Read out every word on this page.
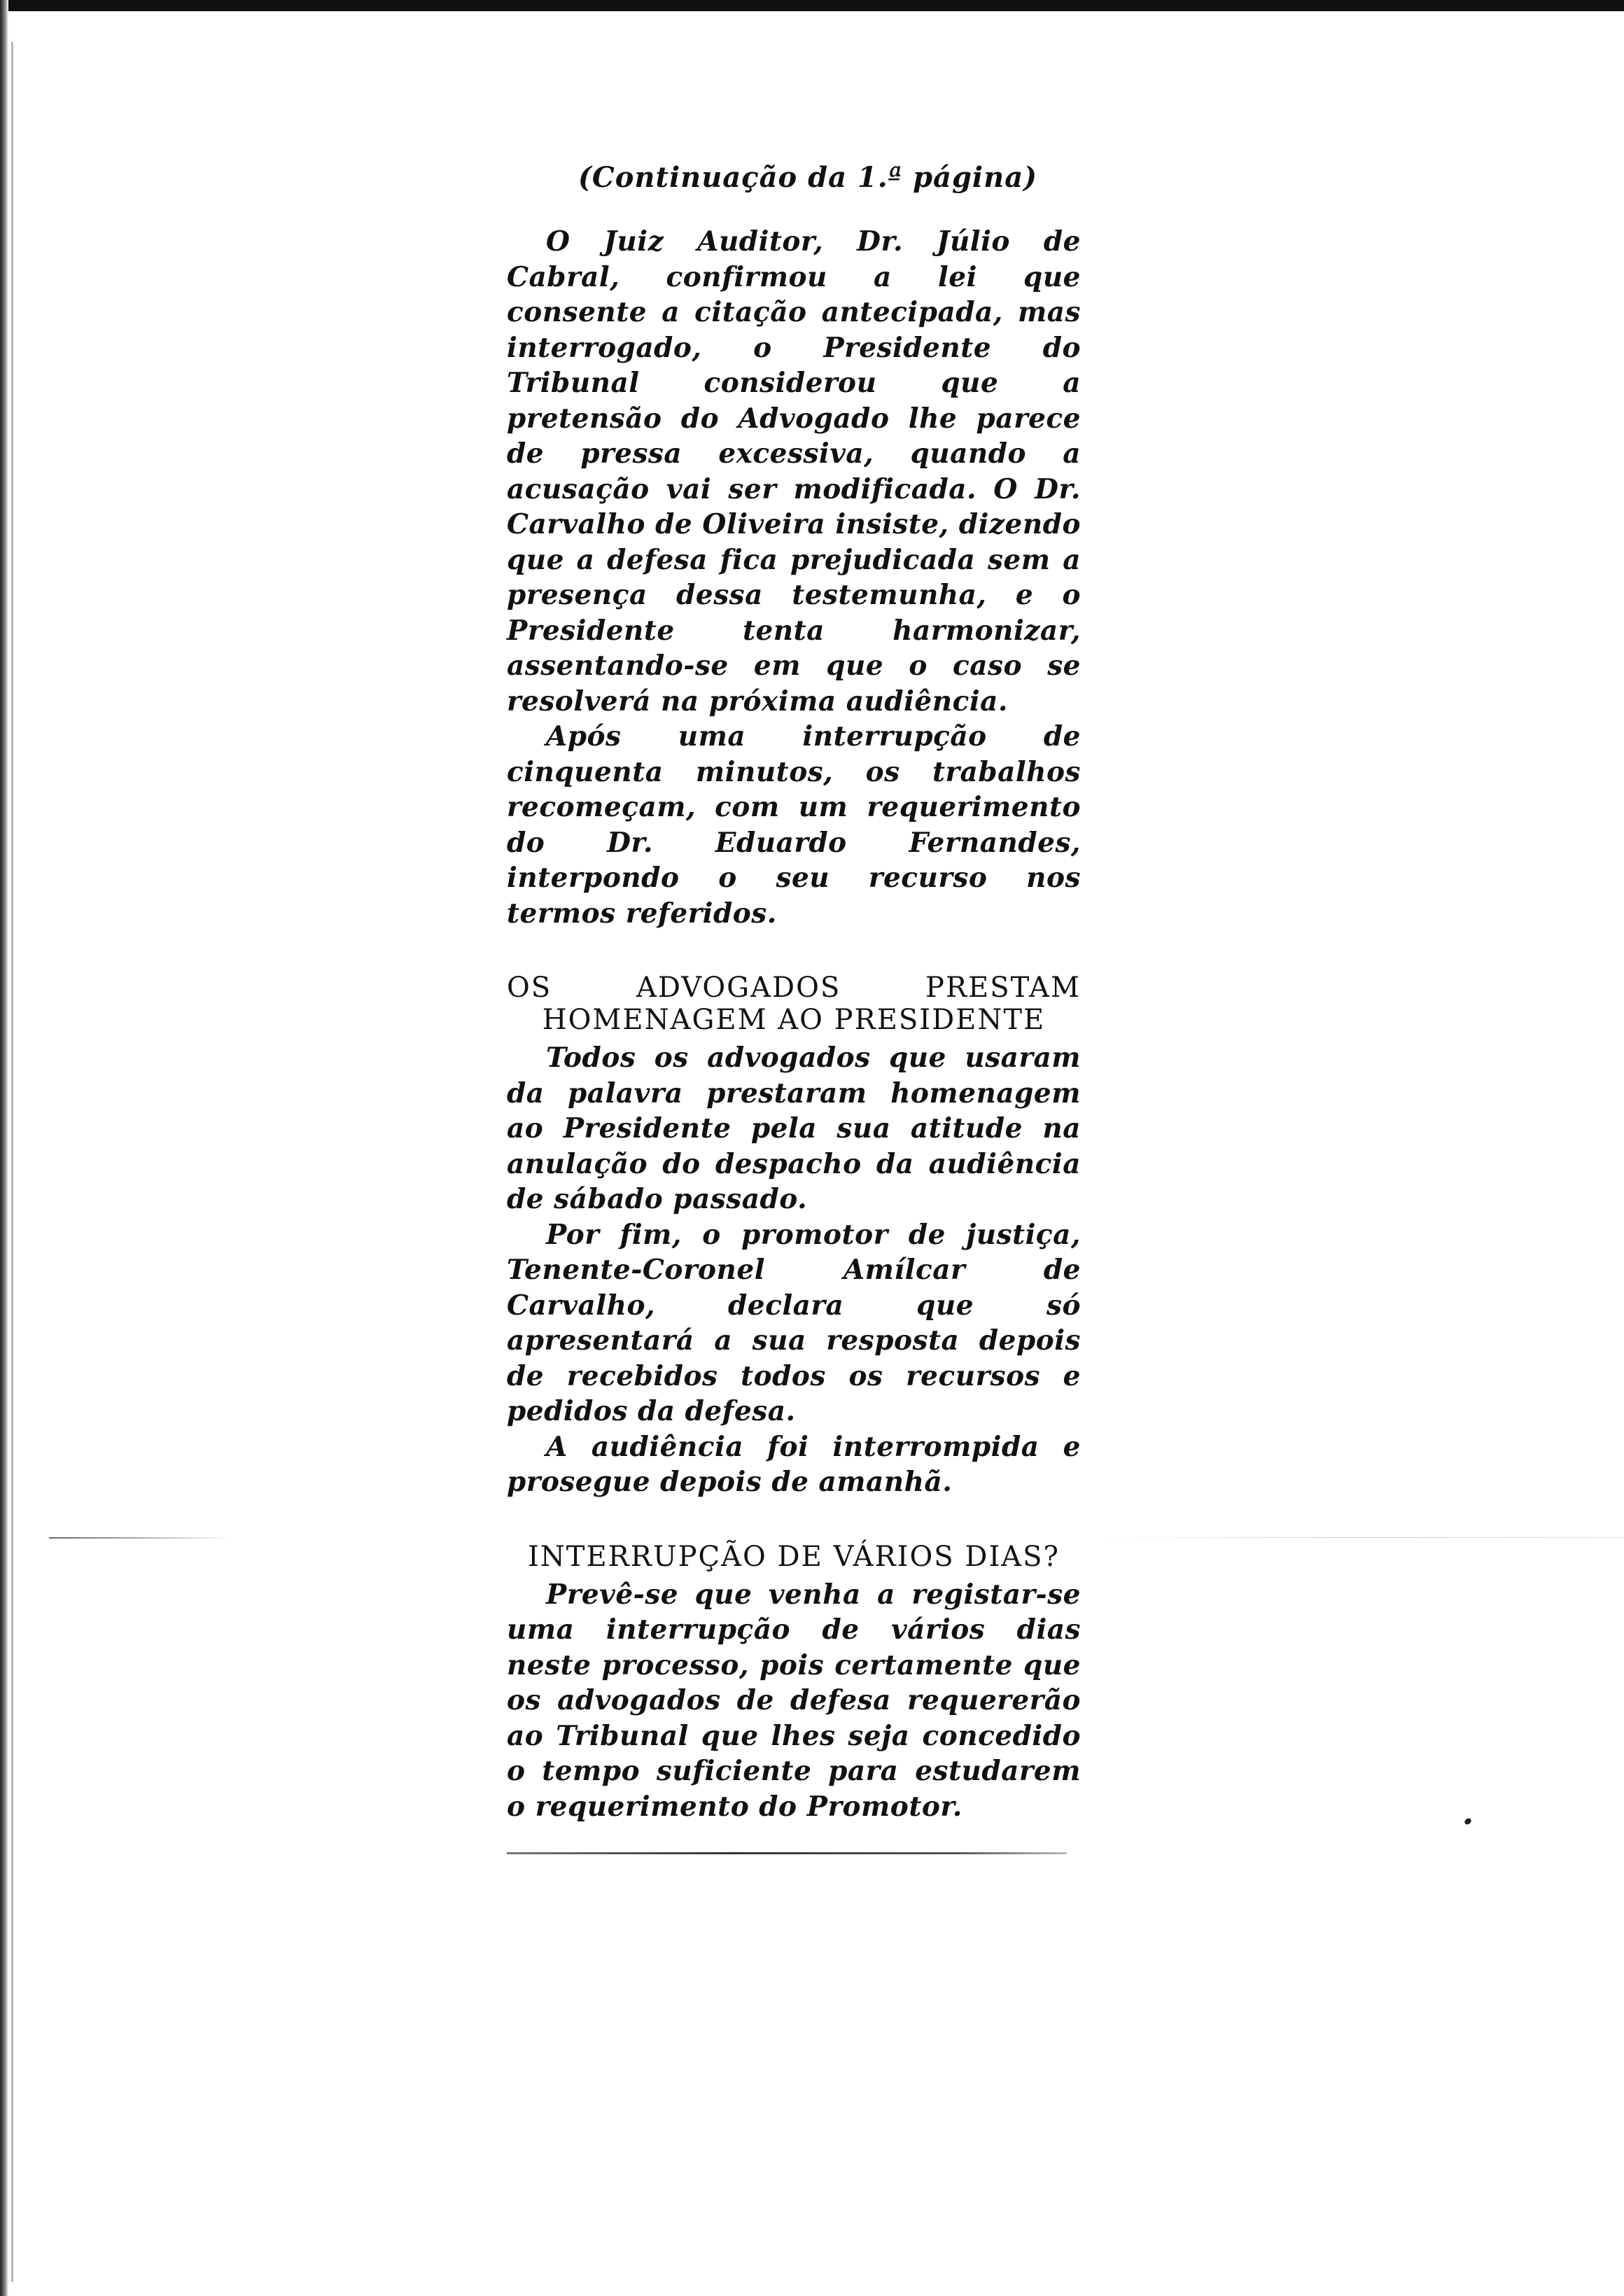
(Continuação da 1.ª página)

O Juiz Auditor, Dr. Júlio de Cabral, confirmou a lei que consente a citação antecipada, mas interrogado, o Presidente do Tribunal considerou que a pretensão do Advogado lhe parece de pressa excessiva, quando a acusação vai ser modificada. O Dr. Carvalho de Oliveira insiste, dizendo que a defesa fica prejudicada sem a presença dessa testemunha, e o Presidente tenta harmonizar, assentando-se em que o caso se resolverá na próxima audiência.

Após uma interrupção de cinquenta minutos, os trabalhos recomeçam, com um requerimento do Dr. Eduardo Fernandes, interpondo o seu recurso nos termos referidos.

OS ADVOGADOS PRESTAM HOMENAGEM AO PRESIDENTE

Todos os advogados que usaram da palavra prestaram homenagem ao Presidente pela sua atitude na anulação do despacho da audiência de sábado passado.

Por fim, o promotor de justiça, Tenente-Coronel Amílcar de Carvalho, declara que só apresentará a sua resposta depois de recebidos todos os recursos e pedidos da defesa.

A audiência foi interrompida e prosegue depois de amanhã.

INTERRUPÇÃO DE VÁRIOS DIAS?

Prevê-se que venha a registar-se uma interrupção de vários dias neste processo, pois certamente que os advogados de defesa requererão ao Tribunal que lhes seja concedido o tempo suficiente para estudarem o requerimento do Promotor.
